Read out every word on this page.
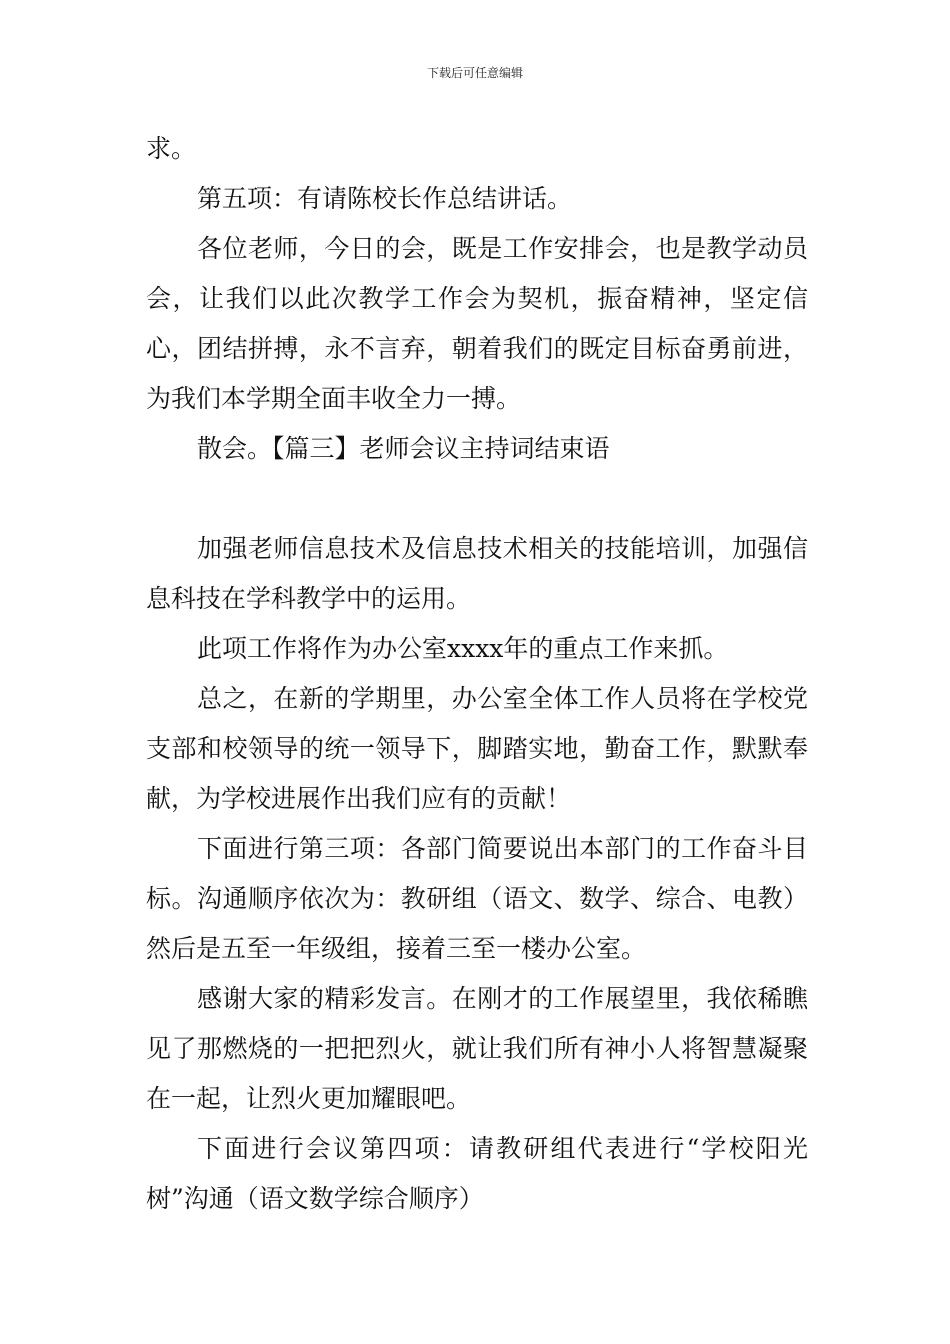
下载后可任意编辑

求。

第五项：有请陈校长作总结讲话。

各位老师，今日的会，既是工作安排会，也是教学动员会，让我们以此次教学工作会为契机，振奋精神，坚定信心，团结拼搏，永不言弃，朝着我们的既定目标奋勇前进，为我们本学期全面丰收全力一搏。

散会。【篇三】老师会议主持词结束语

加强老师信息技术及信息技术相关的技能培训，加强信息科技在学科教学中的运用。

此项工作将作为办公室xxxx年的重点工作来抓。

总之，在新的学期里，办公室全体工作人员将在学校党支部和校领导的统一领导下，脚踏实地，勤奋工作，默默奉献，为学校进展作出我们应有的贡献！

下面进行第三项：各部门简要说出本部门的工作奋斗目标。沟通顺序依次为：教研组（语文、数学、综合、电教）然后是五至一年级组，接着三至一楼办公室。

感谢大家的精彩发言。在刚才的工作展望里，我依稀瞧见了那燃烧的一把把烈火，就让我们所有神小人将智慧凝聚在一起，让烈火更加耀眼吧。

下面进行会议第四项：请教研组代表进行“学校阳光树”沟通（语文数学综合顺序）
